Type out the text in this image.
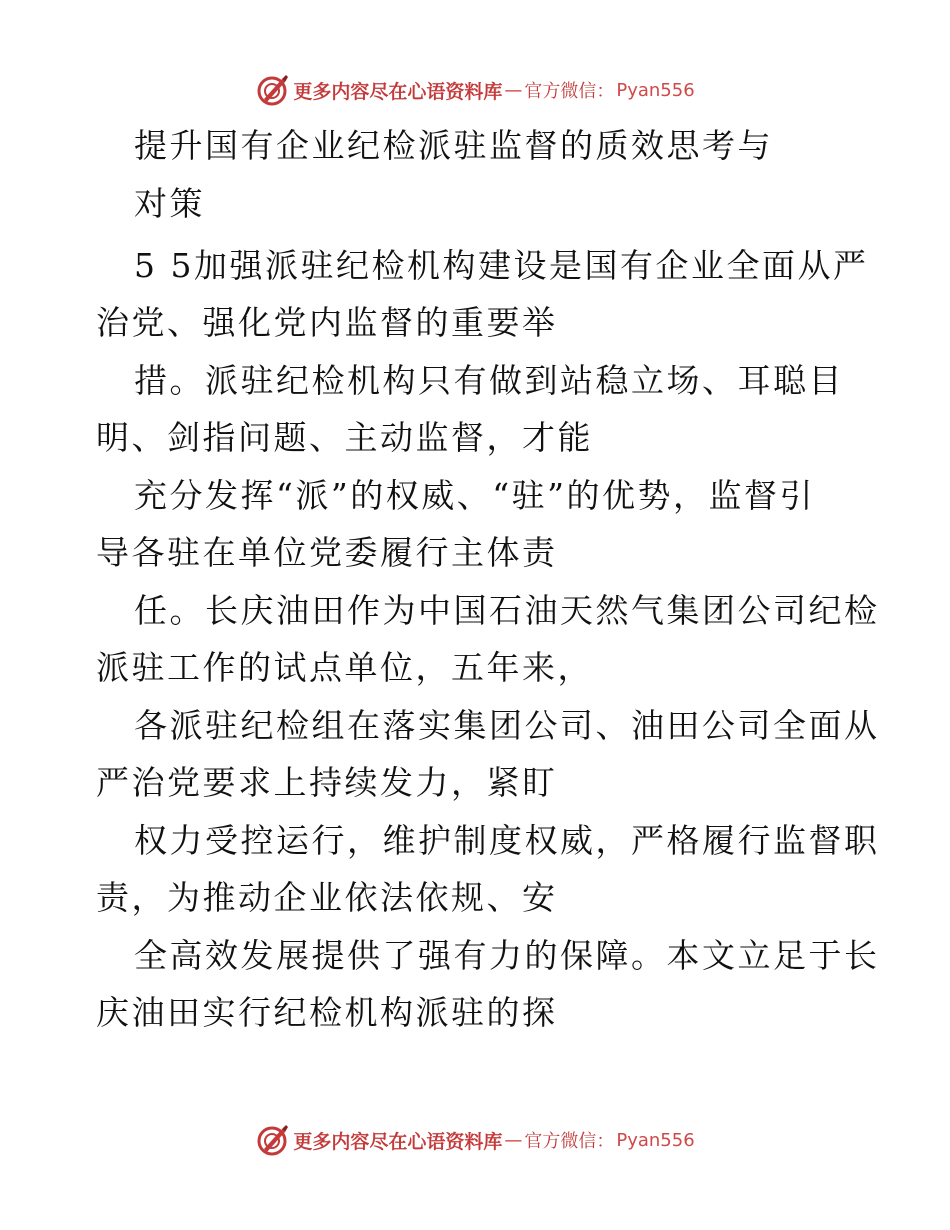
更多内容尽在心语资料库 — 官方微信： Pyan556
提升国有企业纪检派驻监督的质效思考与
对策
5 5加强派驻纪检机构建设是国有企业全面从严
治党、强化党内监督的重要举
措。派驻纪检机构只有做到站稳立场、耳聪目
明、剑指问题、主动监督，才能
充分发挥“派”的权威、“驻”的优势，监督引
导各驻在单位党委履行主体责
任。长庆油田作为中国石油天然气集团公司纪检
派驻工作的试点单位，五年来，
各派驻纪检组在落实集团公司、油田公司全面从
严治党要求上持续发力，紧盯
权力受控运行，维护制度权威，严格履行监督职
责，为推动企业依法依规、安
全高效发展提供了强有力的保障。本文立足于长
庆油田实行纪检机构派驻的探
更多内容尽在心语资料库 — 官方微信： Pyan556
